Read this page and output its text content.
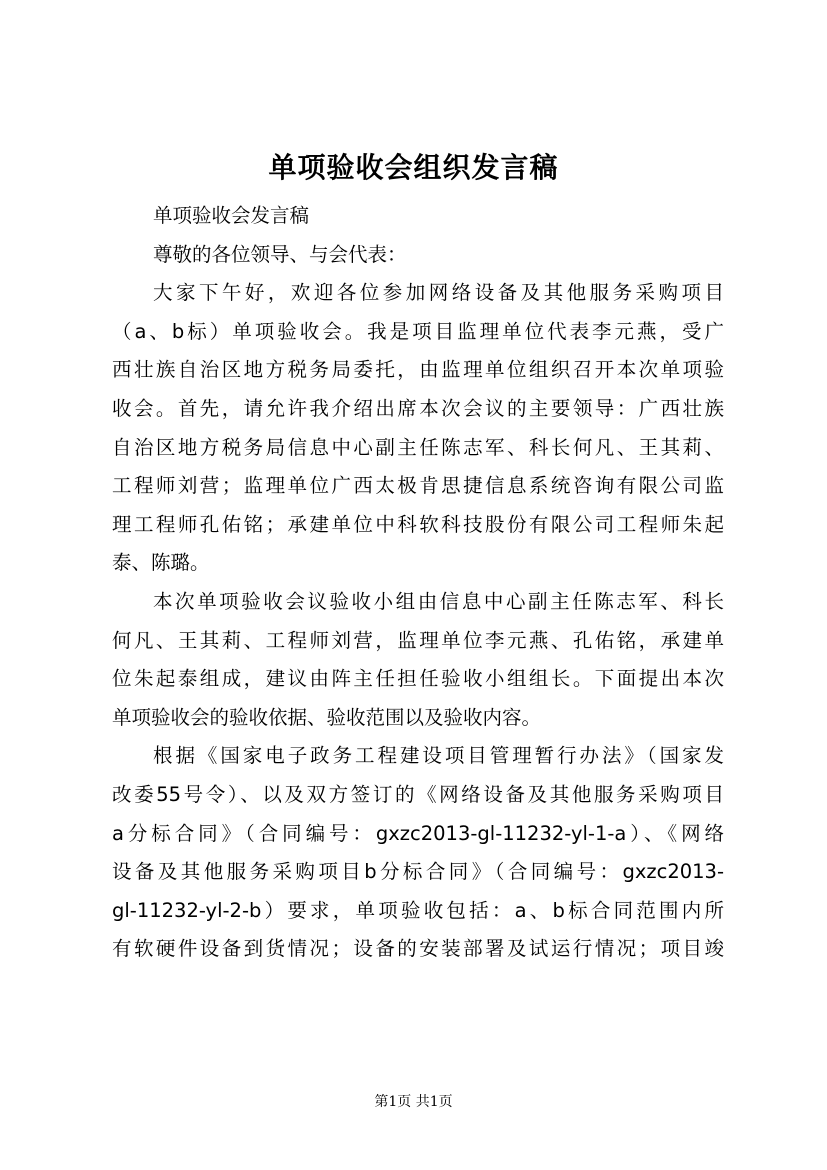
单项验收会组织发言稿
单项验收会发言稿
尊敬的各位领导、与会代表：
大家下午好，欢迎各位参加网络设备及其他服务采购项目
（a、b标）单项验收会。我是项目监理单位代表李元燕，受广
西壮族自治区地方税务局委托，由监理单位组织召开本次单项验
收会。首先，请允许我介绍出席本次会议的主要领导：广西壮族
自治区地方税务局信息中心副主任陈志军、科长何凡、王其莉、
工程师刘营；监理单位广西太极肯思捷信息系统咨询有限公司监
理工程师孔佑铭；承建单位中科软科技股份有限公司工程师朱起
泰、陈璐。
本次单项验收会议验收小组由信息中心副主任陈志军、科长
何凡、王其莉、工程师刘营，监理单位李元燕、孔佑铭，承建单
位朱起泰组成，建议由阵主任担任验收小组组长。下面提出本次
单项验收会的验收依据、验收范围以及验收内容。
根据《国家电子政务工程建设项目管理暂行办法》（国家发
改委55号令）、以及双方签订的《网络设备及其他服务采购项目
a分标合同》（合同编号：gxzc2013-gl-11232-yl-1-a）、《网络
设备及其他服务采购项目b分标合同》（合同编号：gxzc2013-
gl-11232-yl-2-b）要求，单项验收包括：a、b标合同范围内所
有软硬件设备到货情况；设备的安装部署及试运行情况；项目竣
第1页 共1页
